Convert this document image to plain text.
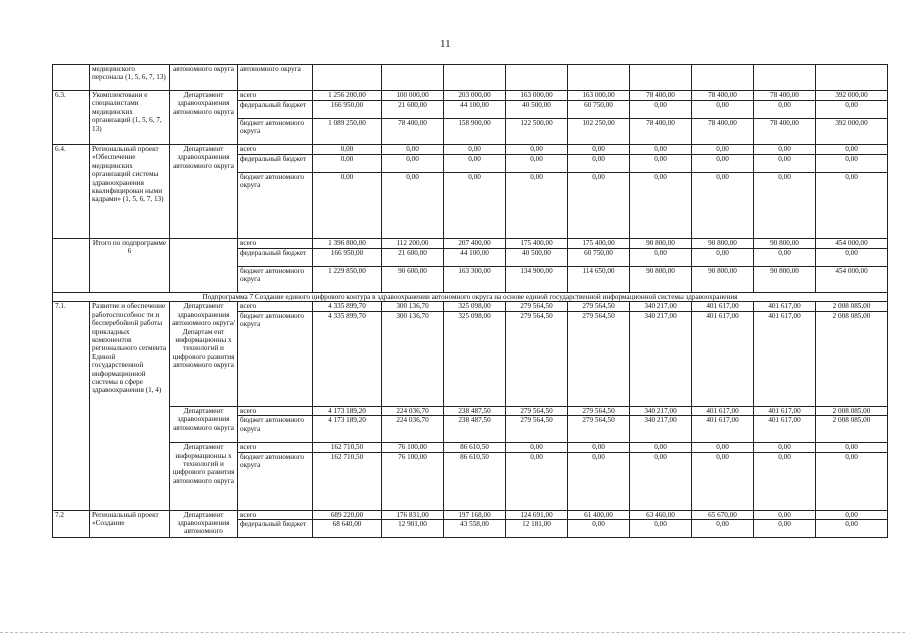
11
	медицинского персонала (1, 5, 6, 7, 13)	автономного округа	автономного округа									
6.3.	Укомплектовани е специалистами медицинских организаций (1, 5, 6, 7, 13)	Департамент здравоохранения автономного округа	всего	1 256 200,00	100 000,00	203 000,00	163 000,00	163 000,00	78 400,00	78 400,00	78 400,00	392 000,00
			федеральный бюджет	166 950,00	21 600,00	44 100,00	40 500,00	60 750,00	0,00	0,00	0,00	0,00
			бюджет автономного округа	1 089 250,00	78 400,00	158 900,00	122 500,00	102 250,00	78 400,00	78 400,00	78 400,00	392 000,00
6.4.	Региональный проект «Обеспечение медицинских организаций системы здравоохранения квалифицирован ными кадрами» (1, 5, 6, 7, 13)	Департамент здравоохранения автономного округа	всего	0,00	0,00	0,00	0,00	0,00	0,00	0,00	0,00	0,00
			федеральный бюджет	0,00	0,00	0,00	0,00	0,00	0,00	0,00	0,00	0,00
			бюджет автономного округа	0,00	0,00	0,00	0,00	0,00	0,00	0,00	0,00	0,00
	Итого по подпрограмме 6		всего	1 396 800,00	112 200,00	207 400,00	175 400,00	175 400,00	90 800,00	90 800,00	90 800,00	454 000,00
			федеральный бюджет	166 950,00	21 600,00	44 100,00	40 500,00	60 750,00	0,00	0,00	0,00	0,00
			бюджет автономного округа	1 229 850,00	90 600,00	163 300,00	134 900,00	114 650,00	90 800,00	90 800,00	90 800,00	454 000,00
Подпрограмма 7 Создание единого цифрового контура в здравоохранении автономного округа на основе единой государственной информационной системы здравоохранения												
7.1.	Развитие и обеспечение работоспособнос ти и бесперебойной работы прикладных компонентов регионального сегмента Единой государственной информационной системы в сфере здравоохранения (1, 4)	Департамент здравоохранения автономного округа/Департам ент информационны х технологий и цифрового развития автономного округа	всего	4 335 899,70	300 136,70	325 098,00	279 564,50	279 564,50	340 217,00	401 617,00	401 617,00	2 008 085,00
			бюджет автономного округа	4 335 899,70	300 136,70	325 098,00	279 564,50	279 564,50	340 217,00	401 617,00	401 617,00	2 008 085,00
		Департамент здравоохранения автономного округа	всего	4 173 189,20	224 036,70	238 487,50	279 564,50	279 564,50	340 217,00	401 617,00	401 617,00	2 008 085,00
			бюджет автономного округа	4 173 189,20	224 036,70	238 487,50	279 564,50	279 564,50	340 217,00	401 617,00	401 617,00	2 008 085,00
		Департамент информационны х технологий и цифрового развития автономного округа	всего	162 710,50	76 100,00	86 610,50	0,00	0,00	0,00	0,00	0,00	0,00
			бюджет автономного округа	162 710,50	76 100,00	86 610,50	0,00	0,00	0,00	0,00	0,00	0,00
7.2	Региональный проект «Создание	Департамент здравоохранения автономного	всего	689 220,00	176 831,00	197 168,00	124 691,00	61 400,00	63 460,00	65 670,00	0,00	0,00
			федеральный бюджет	68 640,00	12 901,00	43 558,00	12 181,00	0,00	0,00	0,00	0,00	0,00
